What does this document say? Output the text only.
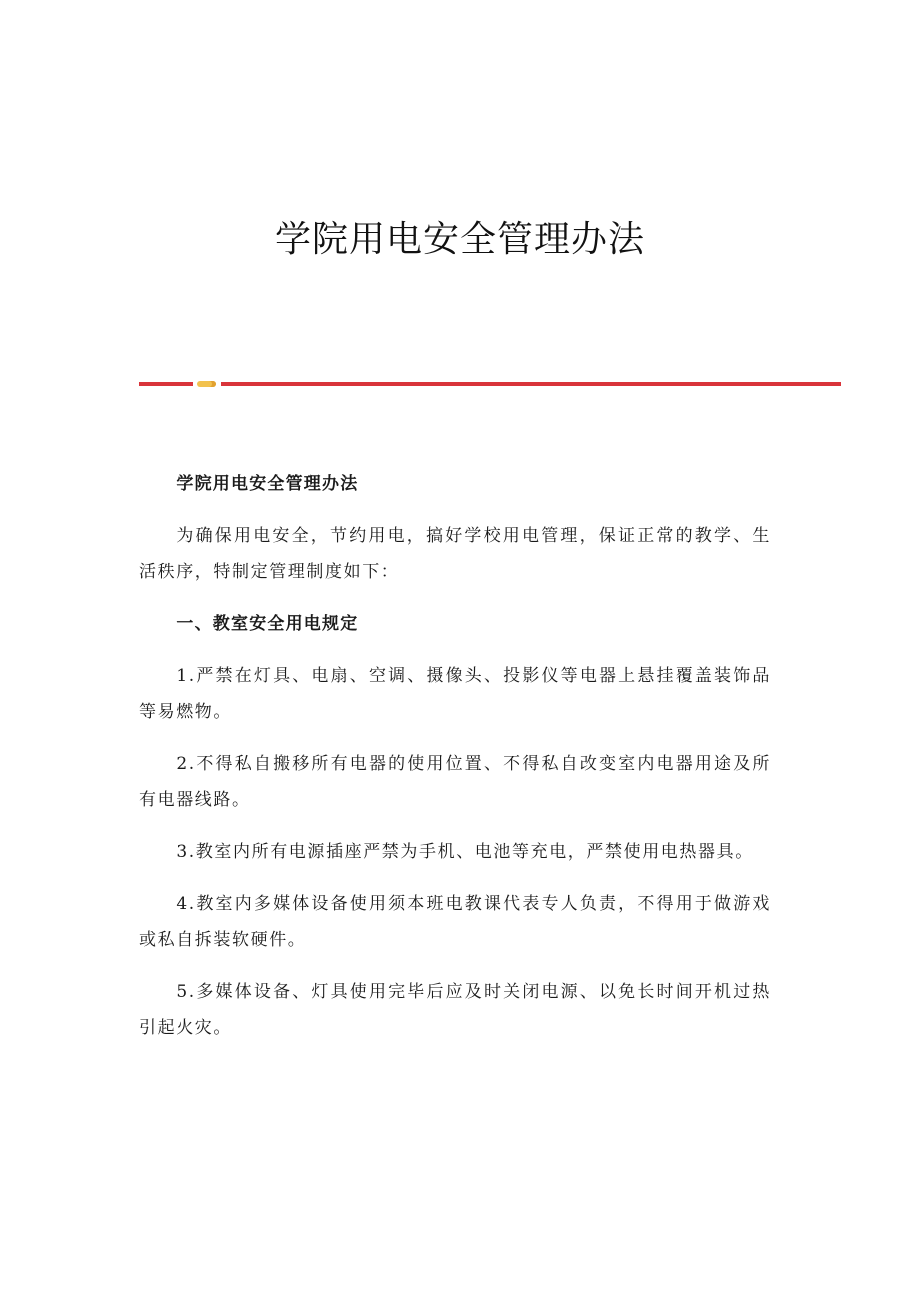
学院用电安全管理办法

学院用电安全管理办法

为确保用电安全，节约用电，搞好学校用电管理，保证正常的教学、生活秩序，特制定管理制度如下：

一、教室安全用电规定

1.严禁在灯具、电扇、空调、摄像头、投影仪等电器上悬挂覆盖装饰品等易燃物。

2.不得私自搬移所有电器的使用位置、不得私自改变室内电器用途及所有电器线路。

3.教室内所有电源插座严禁为手机、电池等充电，严禁使用电热器具。

4.教室内多媒体设备使用须本班电教课代表专人负责，不得用于做游戏或私自拆装软硬件。

5.多媒体设备、灯具使用完毕后应及时关闭电源、以免长时间开机过热引起火灾。
